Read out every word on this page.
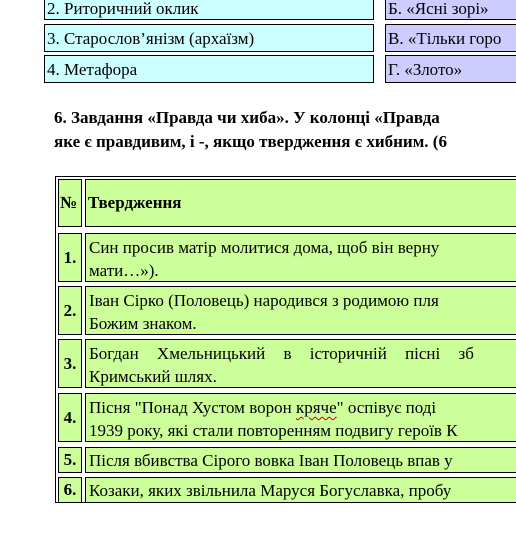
2. Риторичний оклик	Б. «Ясні зорі»
3. Старослов’янізм (архаїзм)	В. «Тільки горо
4. Метафора	Г. «Злото»
6. Завдання «Правда чи хиба». У колонці «Правда
яке є правдивим, і -, якщо твердження є хибним. (6
№ Твердження
1. Син просив матір молитися дома, щоб він верну
мати…»).
2. Іван Сірко (Половець) народився з родимою пля
Божим знаком.
3. Богдан Хмельницький в історичній пісні зб
Кримський шлях.
4. Пісня "Понад Хустом ворон кряче" оспівує поді
1939 року, які стали повторенням подвигу героїв К
5. Після вбивства Сірого вовка Іван Половець впав у
6. Козаки, яких звільнила Маруся Богуславка, пробу
